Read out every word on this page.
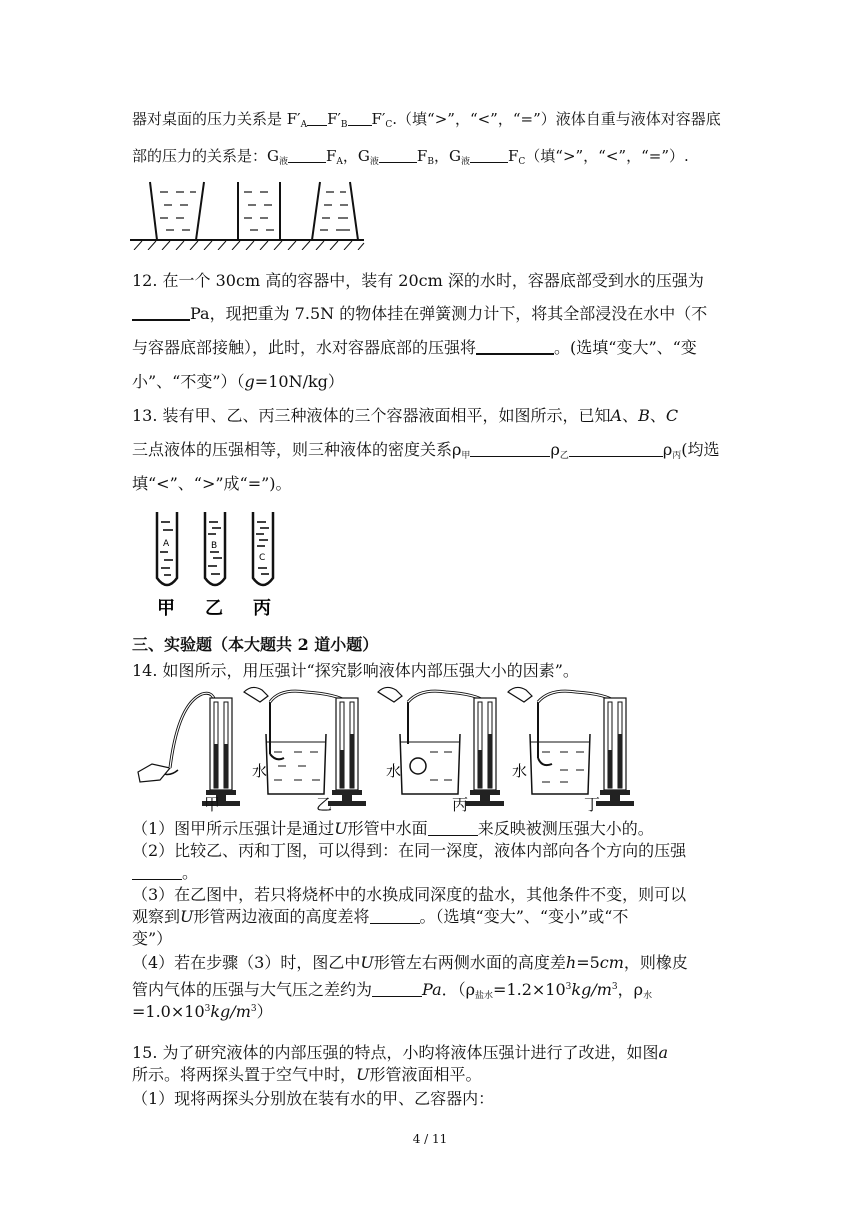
器对桌面的压力关系是 $F'_A$ $F'_B$ $F'_C$.（填“>”，“<”，“=”）液体自重与液体对容器底
部的压力的关系是：$G_液$	$F_A$，$G_液$	$F_B$，$G_液$	$F_C$（填“>”，“<”，“=”）.
12. 在一个 30cm 高的容器中，装有 20cm 深的水时，容器底部受到水的压强为
Pa，现把重为 7.5N 的物体挂在弹簧测力计下，将其全部浸没在水中（不
与容器底部接触），此时，水对容器底部的压强将	。(选填“变大”、“变
小”、“不变”）（g=10N/kg）
13. 装有甲、乙、丙三种液体的三个容器液面相平，如图所示，已知A、B、C
三点液体的压强相等，则三种液体的密度关系$\rho_甲$	$\rho_乙$	$\rho_丙$(均选
填“<”、“>”成“=”)。
A	B
C
甲 乙 丙
三、实验题（本大题共 2 道小题）
14. 如图所示，用压强计“探究影响液体内部压强大小的因素”。
水	水	水
甲	乙	丙	丁
（1）图甲所示压强计是通过U形管中水面	来反映被测压强大小的。
（2）比较乙、丙和丁图，可以得到：在同一深度，液体内部向各个方向的压强
。
（3）在乙图中，若只将烧杯中的水换成同深度的盐水，其他条件不变，则可以
观察到U形管两边液面的高度差将	。（选填“变大”、“变小”或“不
变”）
（4）若在步骤（3）时，图乙中U形管左右两侧水面的高度差h=5cm，则橡皮
管内气体的压强与大气压之差约为	Pa．（$\rho_{盐水}=1.2\times 10^3kg/m^3$，$\rho_水$
$=1.0\times 10^3kg/m^3$）
15. 为了研究液体的内部压强的特点，小昀将液体压强计进行了改进，如图a
所示。将两探头置于空气中时，U形管液面相平。
（1）现将两探头分别放在装有水的甲、乙容器内：
4 / 11
